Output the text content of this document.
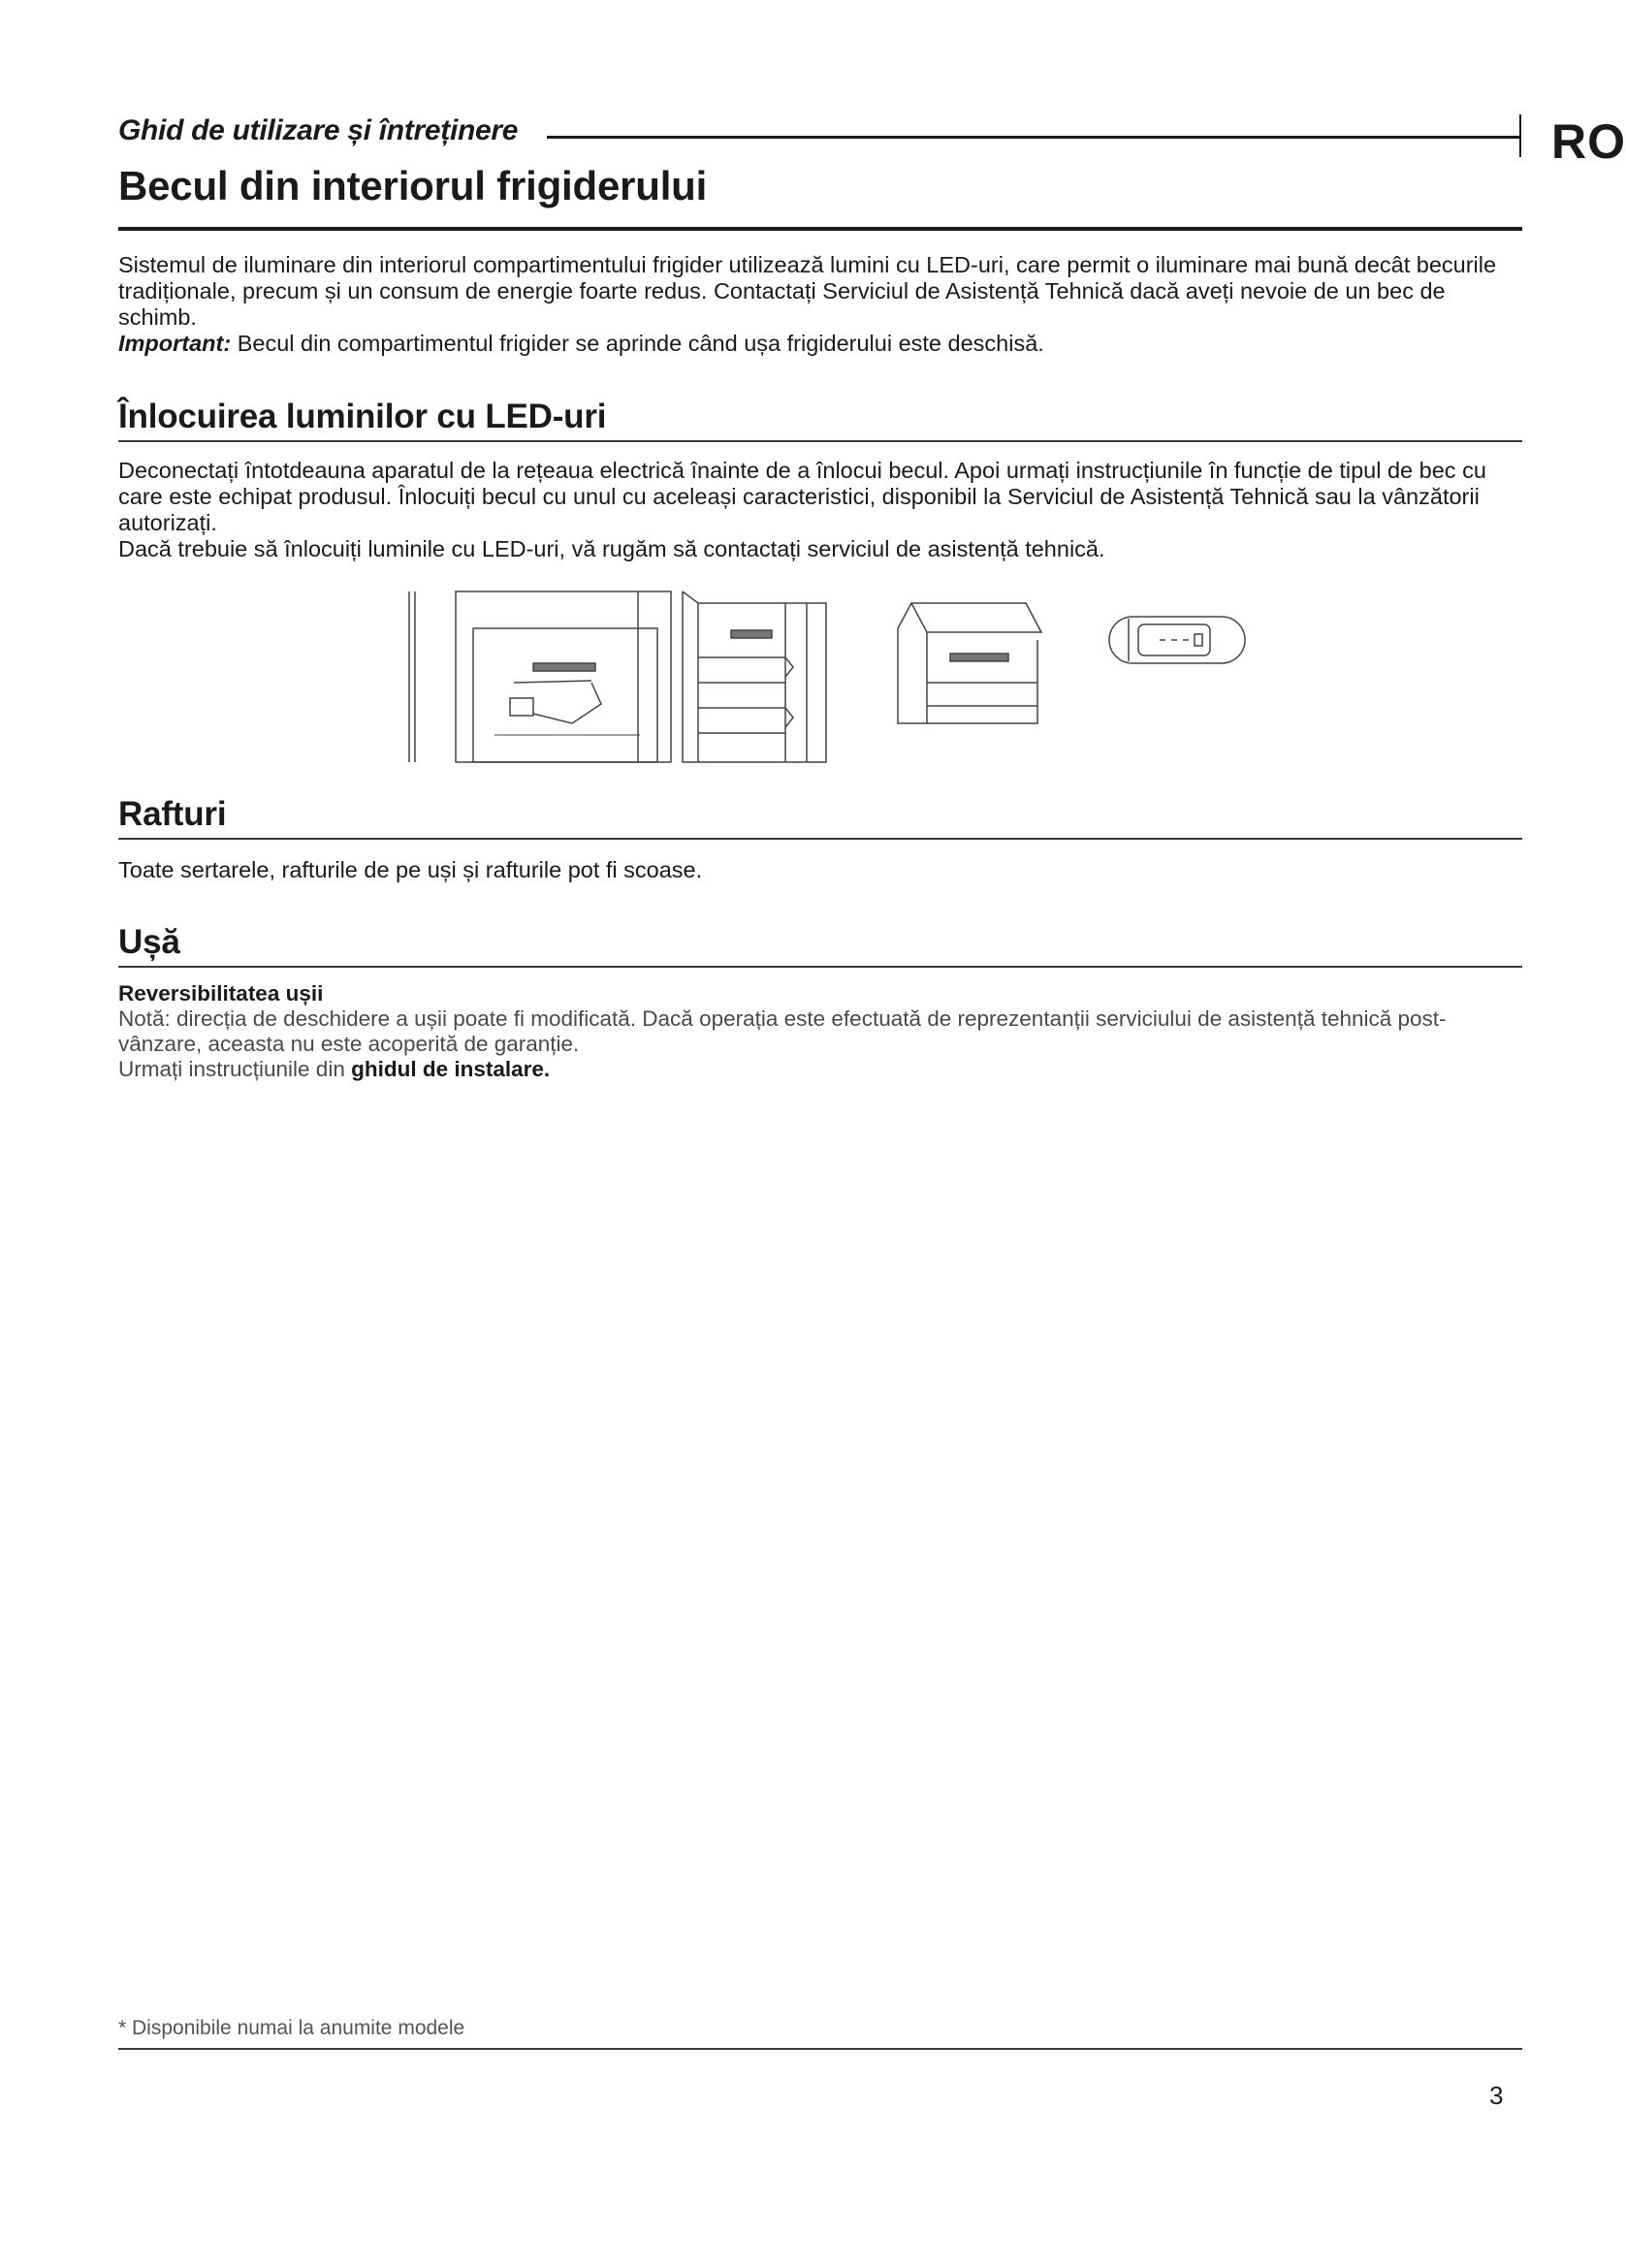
Ghid de utilizare și întreținere	RO
Becul din interiorul frigiderului

Sistemul de iluminare din interiorul compartimentului frigider utilizează lumini cu LED-uri, care permit o iluminare mai bună decât becurile tradiționale, precum și un consum de energie foarte redus. Contactați Serviciul de Asistență Tehnică dacă aveți nevoie de un bec de schimb.

Important: Becul din compartimentul frigider se aprinde când ușa frigiderului este deschisă.

Înlocuirea luminilor cu LED-uri

Deconectați întotdeauna aparatul de la rețeaua electrică înainte de a înlocui becul. Apoi urmați instrucțiunile în funcție de tipul de bec cu care este echipat produsul. Înlocuiți becul cu unul cu aceleași caracteristici, disponibil la Serviciul de Asistență Tehnică sau la vânzătorii autorizați.

Dacă trebuie să înlocuiți luminile cu LED-uri, vă rugăm să contactați serviciul de asistență tehnică.

Rafturi

Toate sertarele, rafturile de pe uși și rafturile pot fi scoase.

Ușă

Reversibilitatea ușii

Notă: direcția de deschidere a ușii poate fi modificată. Dacă operația este efectuată de reprezentanții serviciului de asistență tehnică post-vânzare, aceasta nu este acoperită de garanție.

Urmați instrucțiunile din ghidul de instalare.

* Disponibile numai la anumite modele
3
